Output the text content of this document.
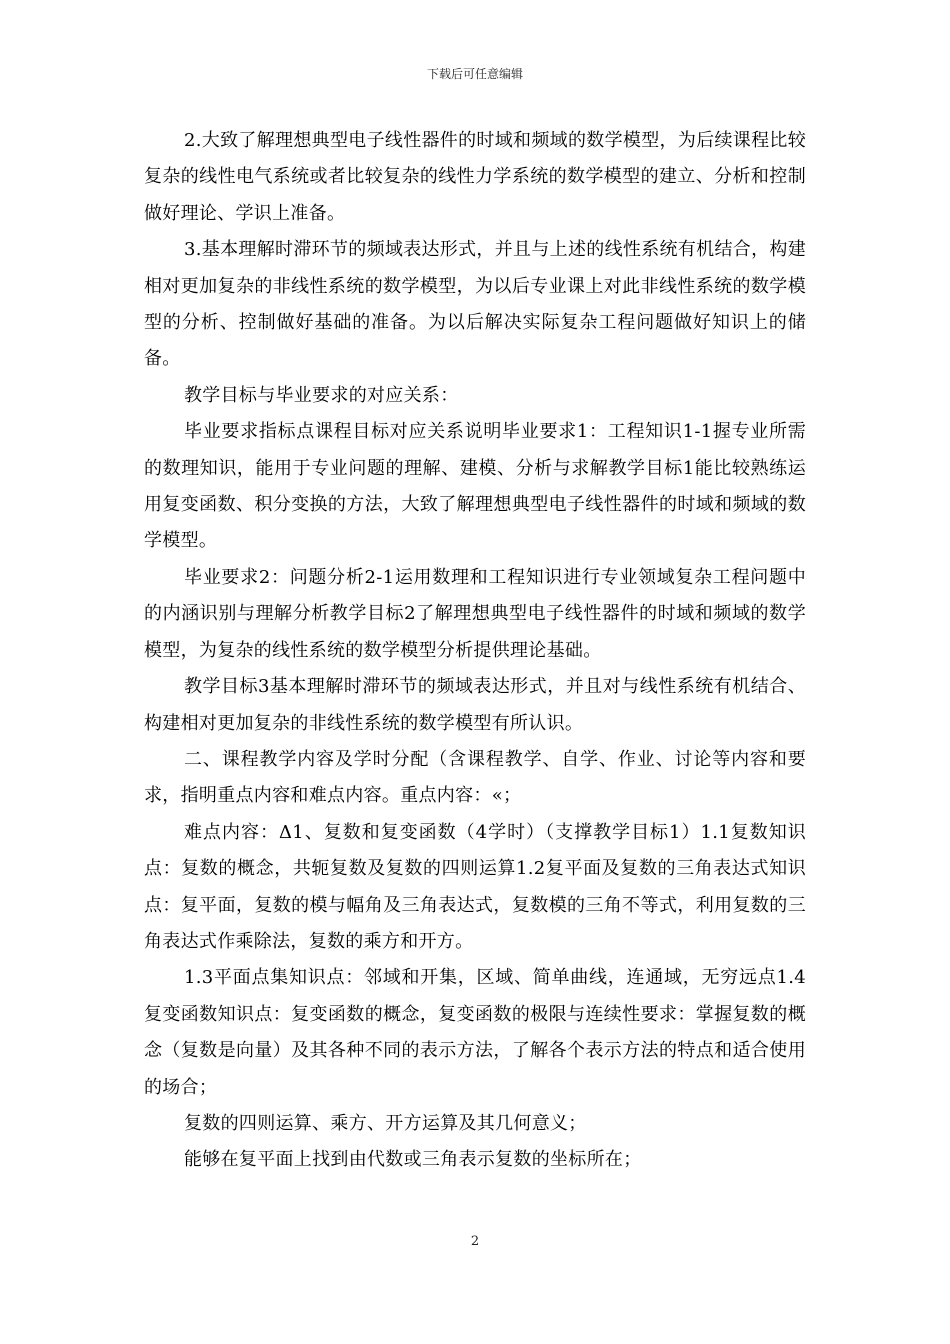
下载后可任意编辑

2.大致了解理想典型电子线性器件的时域和频域的数学模型，为后续课程比较复杂的线性电气系统或者比较复杂的线性力学系统的数学模型的建立、分析和控制做好理论、学识上准备。

3.基本理解时滞环节的频域表达形式，并且与上述的线性系统有机结合，构建相对更加复杂的非线性系统的数学模型，为以后专业课上对此非线性系统的数学模型的分析、控制做好基础的准备。为以后解决实际复杂工程问题做好知识上的储备。

教学目标与毕业要求的对应关系：

毕业要求指标点课程目标对应关系说明毕业要求1：工程知识1-1握专业所需的数理知识，能用于专业问题的理解、建模、分析与求解教学目标1能比较熟练运用复变函数、积分变换的方法，大致了解理想典型电子线性器件的时域和频域的数学模型。

毕业要求2：问题分析2-1运用数理和工程知识进行专业领域复杂工程问题中的内涵识别与理解分析教学目标2了解理想典型电子线性器件的时域和频域的数学模型，为复杂的线性系统的数学模型分析提供理论基础。

教学目标3基本理解时滞环节的频域表达形式，并且对与线性系统有机结合、构建相对更加复杂的非线性系统的数学模型有所认识。

二、课程教学内容及学时分配（含课程教学、自学、作业、讨论等内容和要求，指明重点内容和难点内容。重点内容：«；

难点内容：Δ1、复数和复变函数（4学时）（支撑教学目标1）1.1复数知识点：复数的概念，共轭复数及复数的四则运算1.2复平面及复数的三角表达式知识点：复平面，复数的模与幅角及三角表达式，复数模的三角不等式，利用复数的三角表达式作乘除法，复数的乘方和开方。

1.3平面点集知识点：邻域和开集，区域、简单曲线，连通域，无穷远点1.4复变函数知识点：复变函数的概念，复变函数的极限与连续性要求：掌握复数的概念（复数是向量）及其各种不同的表示方法，了解各个表示方法的特点和适合使用的场合；

复数的四则运算、乘方、开方运算及其几何意义；

能够在复平面上找到由代数或三角表示复数的坐标所在；

2
